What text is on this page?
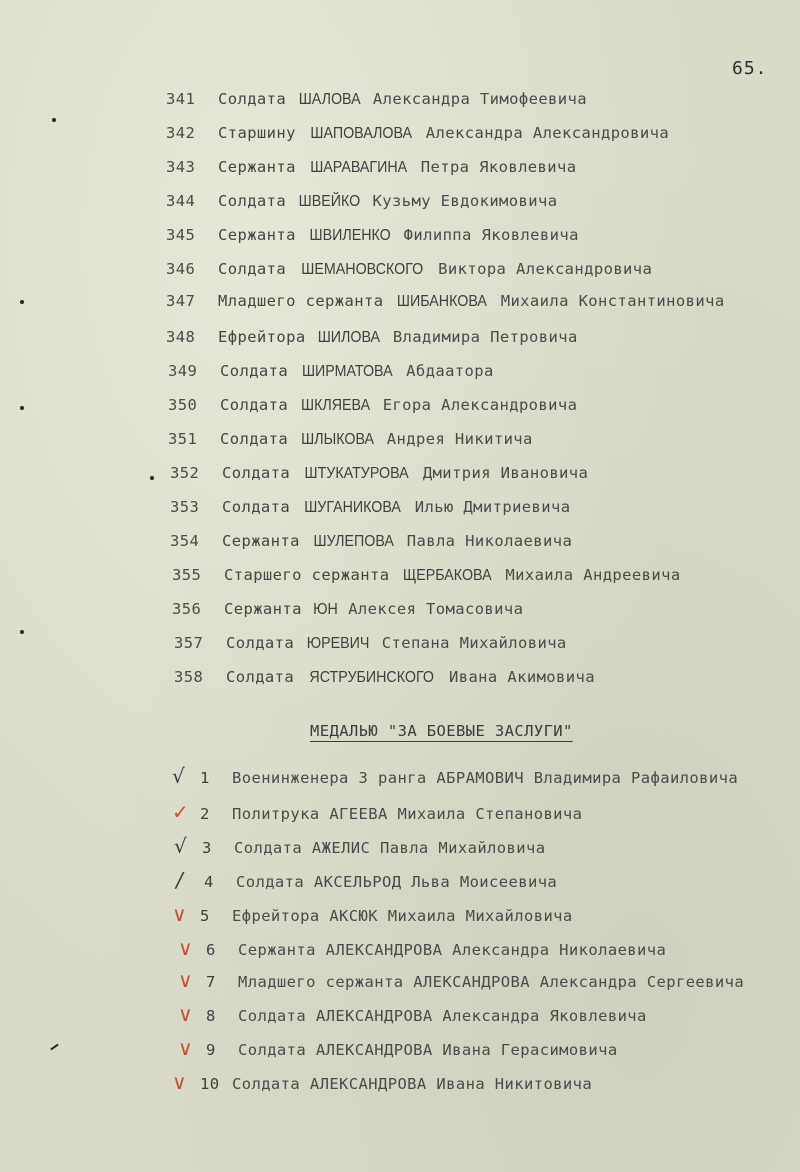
65.
341 Солдата ШАЛОВА Александра Тимофеевича
342 Старшину ШАПОВАЛОВА Александра Александровича
343 Сержанта ШАРАВАГИНА Петра Яковлевича
344 Солдата ШВЕЙКО Кузьму Евдокимовича
345 Сержанта ШВИЛЕНКО Филиппа Яковлевича
346 Солдата ШЕМАНОВСКОГО Виктора Александровича
347 Младшего сержанта ШИБАНКОВА Михаила Константиновича
348 Ефрейтора ШИЛОВА Владимира Петровича
349 Солдата ШИРМАТОВА Абдаатора
350 Солдата ШКЛЯЕВА Егора Александровича
351 Солдата ШЛЫКОВА Андрея Никитича
352 Солдата ШТУКАТУРОВА Дмитрия Ивановича
353 Солдата ШУГАНИКОВА Илью Дмитриевича
354 Сержанта ШУЛЕПОВА Павла Николаевича
355 Старшего сержанта ЩЕРБАКОВА Михаила Андреевича
356 Сержанта ЮН Алексея Томасовича
357 Солдата ЮРЕВИЧ Степана Михайловича
358 Солдата ЯСТРУБИНСКОГО Ивана Акимовича
МЕДАЛЬЮ "ЗА БОЕВЫЕ ЗАСЛУГИ"
√ 1 Военинженера 3 ранга АБРАМОВИЧ Владимира Рафаиловича
✓ 2 Политрука АГЕЕВА Михаила Степановича
√ 3 Солдата АЖЕЛИС Павла Михайловича
/ 4 Солдата АКСЕЛЬРОД Льва Моисеевича
∨ 5 Ефрейтора АКСЮК Михаила Михайловича
∨ 6 Сержанта АЛЕКСАНДРОВА Александра Николаевича
∨ 7 Младшего сержанта АЛЕКСАНДРОВА Александра Сергеевича
∨ 8 Солдата АЛЕКСАНДРОВА Александра Яковлевича
∨ 9 Солдата АЛЕКСАНДРОВА Ивана Герасимовича
∨ 10 Солдата АЛЕКСАНДРОВА Ивана Никитовича
